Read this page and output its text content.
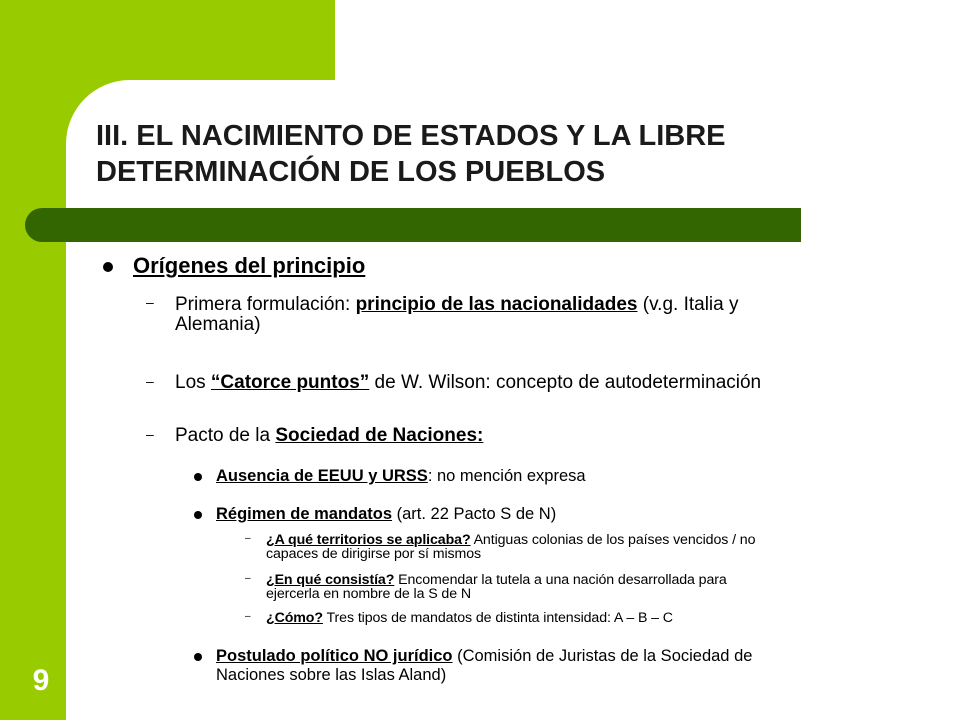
III. EL NACIMIENTO DE ESTADOS Y LA LIBRE
DETERMINACIÓN DE LOS PUEBLOS
Orígenes del principio
– Primera formulación: principio de las nacionalidades (v.g. Italia y
Alemania)
– Los “Catorce puntos” de W. Wilson: concepto de autodeterminación
– Pacto de la Sociedad de Naciones:
Ausencia de EEUU y URSS: no mención expresa
Régimen de mandatos (art. 22 Pacto S de N)
– ¿A qué territorios se aplicaba? Antiguas colonias de los países vencidos / no
capaces de dirigirse por sí mismos
– ¿En qué consistía? Encomendar la tutela a una nación desarrollada para
ejercerla en nombre de la S de N
– ¿Cómo? Tres tipos de mandatos de distinta intensidad: A – B – C
Postulado político NO jurídico (Comisión de Juristas de la Sociedad de
Naciones sobre las Islas Aland)
9
